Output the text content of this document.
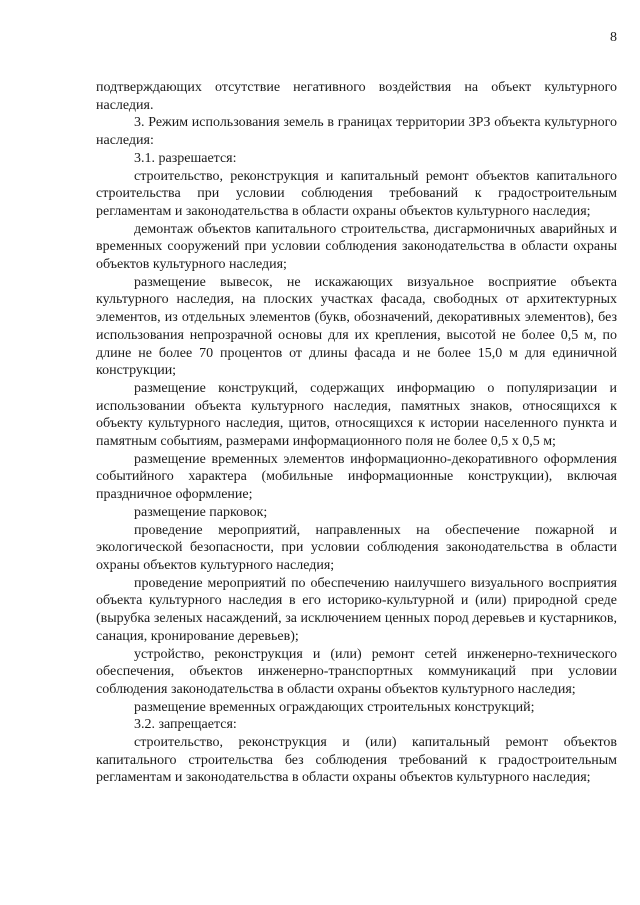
8

подтверждающих отсутствие негативного воздействия на объект культурного наследия.

3. Режим использования земель в границах территории ЗРЗ объекта культурного наследия:

3.1. разрешается:

строительство, реконструкция и капитальный ремонт объектов капитального строительства при условии соблюдения требований к градостроительным регламентам и законодательства в области охраны объектов культурного наследия;

демонтаж объектов капитального строительства, дисгармоничных аварийных и временных сооружений при условии соблюдения законодательства в области охраны объектов культурного наследия;

размещение вывесок, не искажающих визуальное восприятие объекта культурного наследия, на плоских участках фасада, свободных от архитектурных элементов, из отдельных элементов (букв, обозначений, декоративных элементов), без использования непрозрачной основы для их крепления, высотой не более 0,5 м, по длине не более 70 процентов от длины фасада и не более 15,0 м для единичной конструкции;

размещение конструкций, содержащих информацию о популяризации и использовании объекта культурного наследия, памятных знаков, относящихся к объекту культурного наследия, щитов, относящихся к истории населенного пункта и памятным событиям, размерами информационного поля не более 0,5 х 0,5 м;

размещение временных элементов информационно-декоративного оформления событийного характера (мобильные информационные конструкции), включая праздничное оформление;

размещение парковок;

проведение мероприятий, направленных на обеспечение пожарной и экологической безопасности, при условии соблюдения законодательства в области охраны объектов культурного наследия;

проведение мероприятий по обеспечению наилучшего визуального восприятия объекта культурного наследия в его историко-культурной и (или) природной среде (вырубка зеленых насаждений, за исключением ценных пород деревьев и кустарников, санация, кронирование деревьев);

устройство, реконструкция и (или) ремонт сетей инженерно-технического обеспечения, объектов инженерно-транспортных коммуникаций при условии соблюдения законодательства в области охраны объектов культурного наследия;

размещение временных ограждающих строительных конструкций;

3.2. запрещается:

строительство, реконструкция и (или) капитальный ремонт объектов капитального строительства без соблюдения требований к градостроительным регламентам и законодательства в области охраны объектов культурного наследия;
